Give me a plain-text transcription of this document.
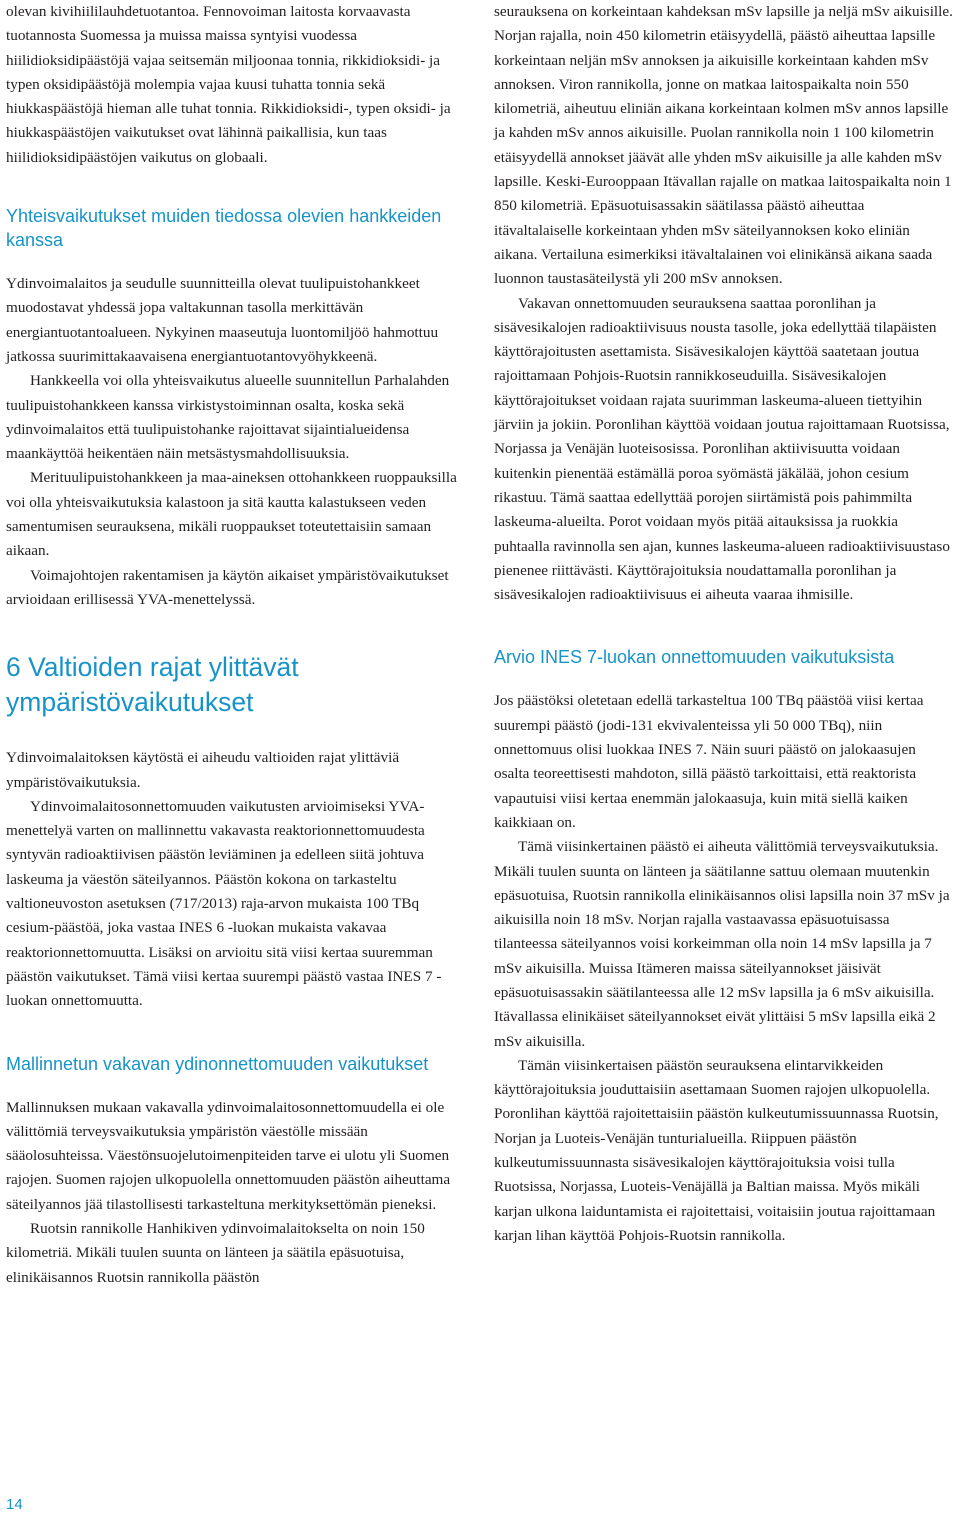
olevan kivihiililauhdetuotantoa. Fennovoiman laitosta korvaavasta tuotannosta Suomessa ja muissa maissa syntyisi vuodessa hiilidioksidipäästöjä vajaa seitsemän miljoonaa tonnia, rikkidioksidi- ja typen oksidipäästöjä molempia vajaa kuusi tuhatta tonnia sekä hiukkaspäästöjä hieman alle tuhat tonnia. Rikkidioksidi-, typen oksidi- ja hiukkaspäästöjen vaikutukset ovat lähinnä paikallisia, kun taas hiilidioksidipäästöjen vaikutus on globaali.

Yhteisvaikutukset muiden tiedossa olevien hankkeiden kanssa

Ydinvoimalaitos ja seudulle suunnitteilla olevat tuulipuistohankkeet muodostavat yhdessä jopa valtakunnan tasolla merkittävän energiantuotantoalueen. Nykyinen maaseutuja luontomiljöö hahmottuu jatkossa suurimittakaavaisena energiantuotantovyöhykkeenä.

Hankkeella voi olla yhteisvaikutus alueelle suunnitellun Parhalahden tuulipuistohankkeen kanssa virkistystoiminnan osalta, koska sekä ydinvoimalaitos että tuulipuistohanke rajoittavat sijaintialueidensa maankäyttöä heikentäen näin metsästysmahdollisuuksia.

Merituulipuistohankkeen ja maa-aineksen ottohankkeen ruoppauksilla voi olla yhteisvaikutuksia kalastoon ja sitä kautta kalastukseen veden samentumisen seurauksena, mikäli ruoppaukset toteutettaisiin samaan aikaan.

Voimajohtojen rakentamisen ja käytön aikaiset ympäristövaikutukset arvioidaan erillisessä YVA-menettelyssä.

6 Valtioiden rajat ylittävät ympäristövaikutukset

Ydinvoimalaitoksen käytöstä ei aiheudu valtioiden rajat ylittäviä ympäristövaikutuksia.

Ydinvoimalaitosonnettomuuden vaikutusten arvioimiseksi YVA-menettelyä varten on mallinnettu vakavasta reaktorionnettomuudesta syntyvän radioaktiivisen päästön leviäminen ja edelleen siitä johtuva laskeuma ja väestön säteilyannos. Päästön kokona on tarkasteltu valtioneuvoston asetuksen (717/2013) raja-arvon mukaista 100 TBq cesium-päästöä, joka vastaa INES 6 -luokan mukaista vakavaa reaktorionnettomuutta. Lisäksi on arvioitu sitä viisi kertaa suuremman päästön vaikutukset. Tämä viisi kertaa suurempi päästö vastaa INES 7 -luokan onnettomuutta.

Mallinnetun vakavan ydinonnettomuuden vaikutukset

Mallinnuksen mukaan vakavalla ydinvoimalaitosonnettomuudella ei ole välittömiä terveysvaikutuksia ympäristön väestölle missään sääolosuhteissa. Väestönsuojelutoimenpiteiden tarve ei ulotu yli Suomen rajojen. Suomen rajojen ulkopuolella onnettomuuden päästön aiheuttama säteilyannos jää tilastollisesti tarkasteltuna merkityksettömän pieneksi.

Ruotsin rannikolle Hanhikiven ydinvoimalaitokselta on noin 150 kilometriä. Mikäli tuulen suunta on länteen ja säätila epäsuotuisa, elinikäisannos Ruotsin rannikolla päästön

seurauksena on korkeintaan kahdeksan mSv lapsille ja neljä mSv aikuisille. Norjan rajalla, noin 450 kilometrin etäisyydellä, päästö aiheuttaa lapsille korkeintaan neljän mSv annoksen ja aikuisille korkeintaan kahden mSv annoksen. Viron rannikolla, jonne on matkaa laitospaikalta noin 550 kilometriä, aiheutuu eliniän aikana korkeintaan kolmen mSv annos lapsille ja kahden mSv annos aikuisille. Puolan rannikolla noin 1 100 kilometrin etäisyydellä annokset jäävät alle yhden mSv aikuisille ja alle kahden mSv lapsille. Keski-Eurooppaan Itävallan rajalle on matkaa laitospaikalta noin 1 850 kilometriä. Epäsuotuisassakin säätilassa päästö aiheuttaa itävaltalaiselle korkeintaan yhden mSv säteilyannoksen koko eliniän aikana. Vertailuna esimerkiksi itävaltalainen voi elinikänsä aikana saada luonnon taustasäteilystä yli 200 mSv annoksen.

Vakavan onnettomuuden seurauksena saattaa poronlihan ja sisävesikalojen radioaktiivisuus nousta tasolle, joka edellyttää tilapäisten käyttörajoitusten asettamista. Sisävesikalojen käyttöä saatetaan joutua rajoittamaan Pohjois-Ruotsin rannikkoseuduilla. Sisävesikalojen käyttörajoitukset voidaan rajata suurimman laskeuma-alueen tiettyihin järviin ja jokiin. Poronlihan käyttöä voidaan joutua rajoittamaan Ruotsissa, Norjassa ja Venäjän luoteisosissa. Poronlihan aktiivisuutta voidaan kuitenkin pienentää estämällä poroa syömästä jäkälää, johon cesium rikastuu. Tämä saattaa edellyttää porojen siirtämistä pois pahimmilta laskeuma-alueilta. Porot voidaan myös pitää aitauksissa ja ruokkia puhtaalla ravinnolla sen ajan, kunnes laskeuma-alueen radioaktiivisuustaso pienenee riittävästi. Käyttörajoituksia noudattamalla poronlihan ja sisävesikalojen radioaktiivisuus ei aiheuta vaaraa ihmisille.

Arvio INES 7-luokan onnettomuuden vaikutuksista

Jos päästöksi oletetaan edellä tarkasteltua 100 TBq päästöä viisi kertaa suurempi päästö (jodi-131 ekvivalenteissa yli 50 000 TBq), niin onnettomuus olisi luokkaa INES 7. Näin suuri päästö on jalokaasujen osalta teoreettisesti mahdoton, sillä päästö tarkoittaisi, että reaktorista vapautuisi viisi kertaa enemmän jalokaasuja, kuin mitä siellä kaiken kaikkiaan on.

Tämä viisinkertainen päästö ei aiheuta välittömiä terveysvaikutuksia. Mikäli tuulen suunta on länteen ja säätilanne sattuu olemaan muutenkin epäsuotuisa, Ruotsin rannikolla elinikäisannos olisi lapsilla noin 37 mSv ja aikuisilla noin 18 mSv. Norjan rajalla vastaavassa epäsuotuisassa tilanteessa säteilyannos voisi korkeimman olla noin 14 mSv lapsilla ja 7 mSv aikuisilla. Muissa Itämeren maissa säteilyannokset jäisivät epäsuotuisassakin säätilanteessa alle 12 mSv lapsilla ja 6 mSv aikuisilla. Itävallassa elinikäiset säteilyannokset eivät ylittäisi 5 mSv lapsilla eikä 2 mSv aikuisilla.

Tämän viisinkertaisen päästön seurauksena elintarvikkeiden käyttörajoituksia jouduttaisiin asettamaan Suomen rajojen ulkopuolella. Poronlihan käyttöä rajoitettaisiin päästön kulkeutumissuunnassa Ruotsin, Norjan ja Luoteis-Venäjän tunturialueilla. Riippuen päästön kulkeutumissuunnasta sisävesikalojen käyttörajoituksia voisi tulla Ruotsissa, Norjassa, Luoteis-Venäjällä ja Baltian maissa. Myös mikäli karjan ulkona laiduntamista ei rajoitettaisi, voitaisiin joutua rajoittamaan karjan lihan käyttöä Pohjois-Ruotsin rannikolla.

14
